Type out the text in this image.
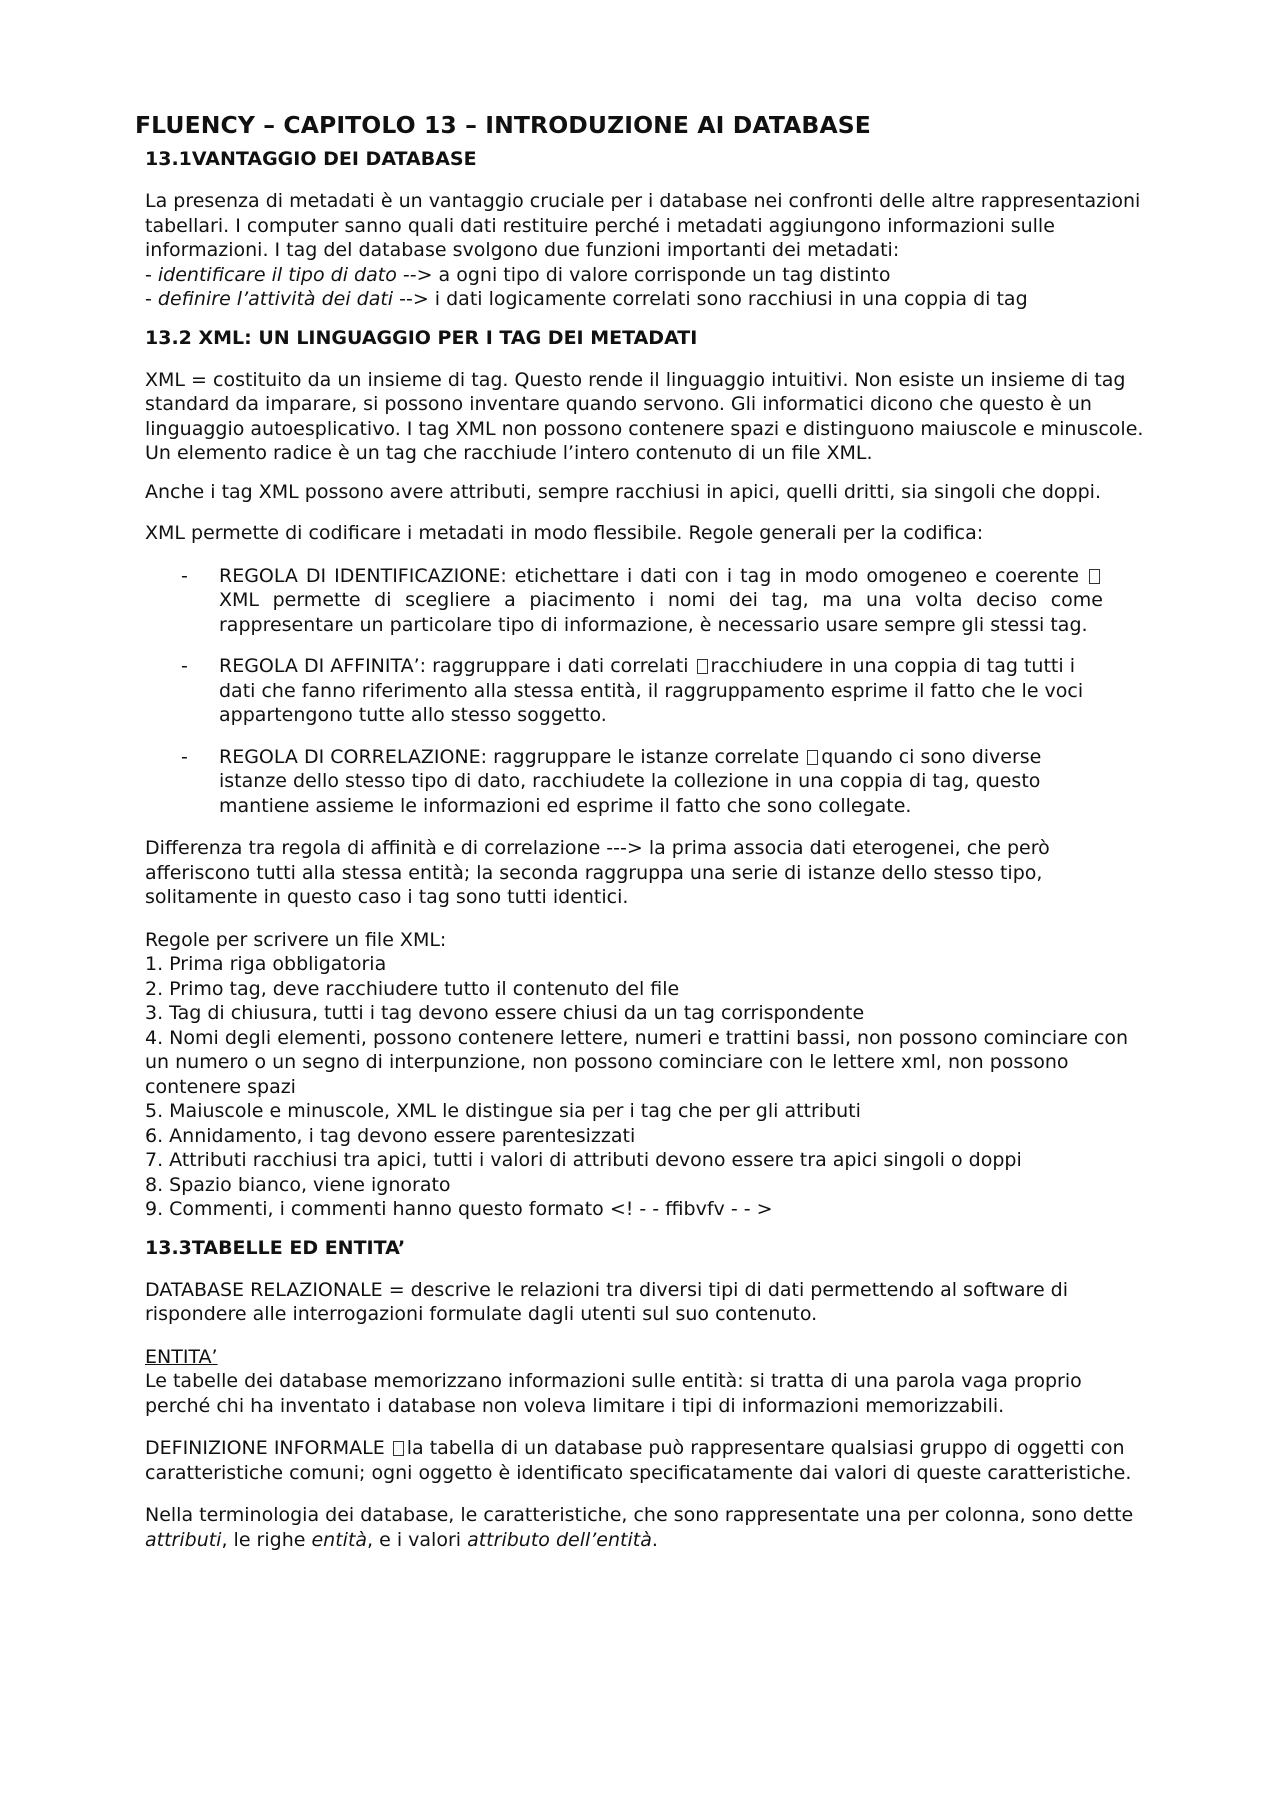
FLUENCY – CAPITOLO 13 – INTRODUZIONE AI DATABASE
13.1VANTAGGIO DEI DATABASE

La presenza di metadati è un vantaggio cruciale per i database nei confronti delle altre rappresentazioni tabellari. I computer sanno quali dati restituire perché i metadati aggiungono informazioni sulle informazioni. I tag del database svolgono due funzioni importanti dei metadati:
- identificare il tipo di dato --> a ogni tipo di valore corrisponde un tag distinto
- definire l’attività dei dati --> i dati logicamente correlati sono racchiusi in una coppia di tag

13.2 XML: UN LINGUAGGIO PER I TAG DEI METADATI

XML = costituito da un insieme di tag. Questo rende il linguaggio intuitivi. Non esiste un insieme di tag standard da imparare, si possono inventare quando servono. Gli informatici dicono che questo è un linguaggio autoesplicativo. I tag XML non possono contenere spazi e distinguono maiuscole e minuscole. Un elemento radice è un tag che racchiude l’intero contenuto di un file XML.

Anche i tag XML possono avere attributi, sempre racchiusi in apici, quelli dritti, sia singoli che doppi. XML permette di codificare i metadati in modo flessibile. Regole generali per la codifica:

- REGOLA DI IDENTIFICAZIONE: etichettare i dati con i tag in modo omogeneo e coerente  XML permette di scegliere a piacimento i nomi dei tag, ma una volta deciso come rappresentare un particolare tipo di informazione, è necessario usare sempre gli stessi tag.
- REGOLA DI AFFINITA’: raggruppare i dati correlati racchiudere in una coppia di tag tutti i dati che fanno riferimento alla stessa entità, il raggruppamento esprime il fatto che le voci appartengono tutte allo stesso soggetto.
- REGOLA DI CORRELAZIONE: raggruppare le istanze correlate quando ci sono diverse istanze dello stesso tipo di dato, racchiudete la collezione in una coppia di tag, questo mantiene assieme le informazioni ed esprime il fatto che sono collegate.

Differenza tra regola di affinità e di correlazione ---> la prima associa dati eterogenei, che però afferiscono tutti alla stessa entità; la seconda raggruppa una serie di istanze dello stesso tipo, solitamente in questo caso i tag sono tutti identici.

Regole per scrivere un file XML:
1. Prima riga obbligatoria
2. Primo tag, deve racchiudere tutto il contenuto del file
3. Tag di chiusura, tutti i tag devono essere chiusi da un tag corrispondente
4. Nomi degli elementi, possono contenere lettere, numeri e trattini bassi, non possono cominciare con un numero o un segno di interpunzione, non possono cominciare con le lettere xml, non possono contenere spazi
5. Maiuscole e minuscole, XML le distingue sia per i tag che per gli attributi
6. Annidamento, i tag devono essere parentesizzati
7. Attributi racchiusi tra apici, tutti i valori di attributi devono essere tra apici singoli o doppi
8. Spazio bianco, viene ignorato
9. Commenti, i commenti hanno questo formato <! - - ffibvfv - - >
13.3TABELLE ED ENTITA’

DATABASE RELAZIONALE = descrive le relazioni tra diversi tipi di dati permettendo al software di rispondere alle interrogazioni formulate dagli utenti sul suo contenuto.

ENTITA’
Le tabelle dei database memorizzano informazioni sulle entità: si tratta di una parola vaga proprio perché chi ha inventato i database non voleva limitare i tipi di informazioni memorizzabili.

DEFINIZIONE INFORMALE la tabella di un database può rappresentare qualsiasi gruppo di oggetti con caratteristiche comuni; ogni oggetto è identificato specificatamente dai valori di queste caratteristiche.

Nella terminologia dei database, le caratteristiche, che sono rappresentate una per colonna, sono dette
attributi, le righe entità, e i valori attributo dell’entità.
